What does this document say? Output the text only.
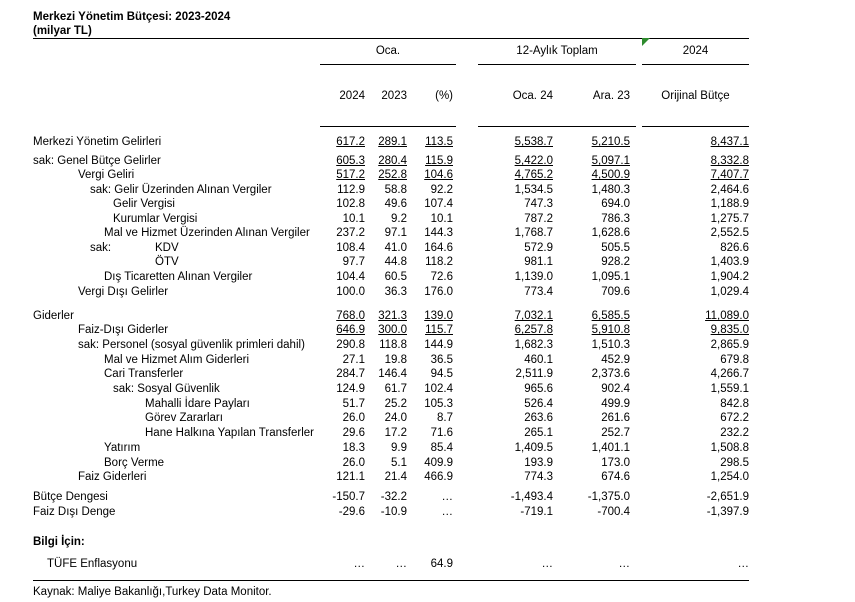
Merkezi Yönetim Bütçesi: 2023-2024
(milyar TL)
Oca.	12-Aylık Toplam	2024
2024	2023	(%)	Oca. 24	Ara. 23	Orijinal Bütçe
Merkezi Yönetim Gelirleri	617.2	289.1	113.5	5,538.7	5,210.5	8,437.1
sak: Genel Bütçe Gelirler	605.3	280.4	115.9	5,422.0	5,097.1	8,332.8
Vergi Geliri	517.2	252.8	104.6	4,765.2	4,500.9	7,407.7
sak: Gelir Üzerinden Alınan Vergiler	112.9	58.8	92.2	1,534.5	1,480.3	2,464.6
Gelir Vergisi	102.8	49.6	107.4	747.3	694.0	1,188.9
Kurumlar Vergisi	10.1	9.2	10.1	787.2	786.3	1,275.7
Mal ve Hizmet Üzerinden Alınan Vergiler	237.2	97.1	144.3	1,768.7	1,628.6	2,552.5
sak:	KDV	108.4	41.0	164.6	572.9	505.5	826.6
ÖTV	97.7	44.8	118.2	981.1	928.2	1,403.9
Dış Ticaretten Alınan Vergiler	104.4	60.5	72.6	1,139.0	1,095.1	1,904.2
Vergi Dışı Gelirler	100.0	36.3	176.0	773.4	709.6	1,029.4
Giderler	768.0	321.3	139.0	7,032.1	6,585.5	11,089.0
Faiz-Dışı Giderler	646.9	300.0	115.7	6,257.8	5,910.8	9,835.0
sak: Personel (sosyal güvenlik primleri dahil)	290.8	118.8	144.9	1,682.3	1,510.3	2,865.9
Mal ve Hizmet Alım Giderleri	27.1	19.8	36.5	460.1	452.9	679.8
Cari Transferler	284.7	146.4	94.5	2,511.9	2,373.6	4,266.7
sak: Sosyal Güvenlik	124.9	61.7	102.4	965.6	902.4	1,559.1
Mahalli İdare Payları	51.7	25.2	105.3	526.4	499.9	842.8
Görev Zararları	26.0	24.0	8.7	263.6	261.6	672.2
Hane Halkına Yapılan Transferler	29.6	17.2	71.6	265.1	252.7	232.2
Yatırım	18.3	9.9	85.4	1,409.5	1,401.1	1,508.8
Borç Verme	26.0	5.1	409.9	193.9	173.0	298.5
Faiz Giderleri	121.1	21.4	466.9	774.3	674.6	1,254.0
Bütçe Dengesi	-150.7	-32.2	…	-1,493.4	-1,375.0	-2,651.9
Faiz Dışı Denge	-29.6	-10.9	…	-719.1	-700.4	-1,397.9
Bilgi İçin:
TÜFE Enflasyonu	…	…	64.9	…	…	…
Kaynak: Maliye Bakanlığı,Turkey Data Monitor.
